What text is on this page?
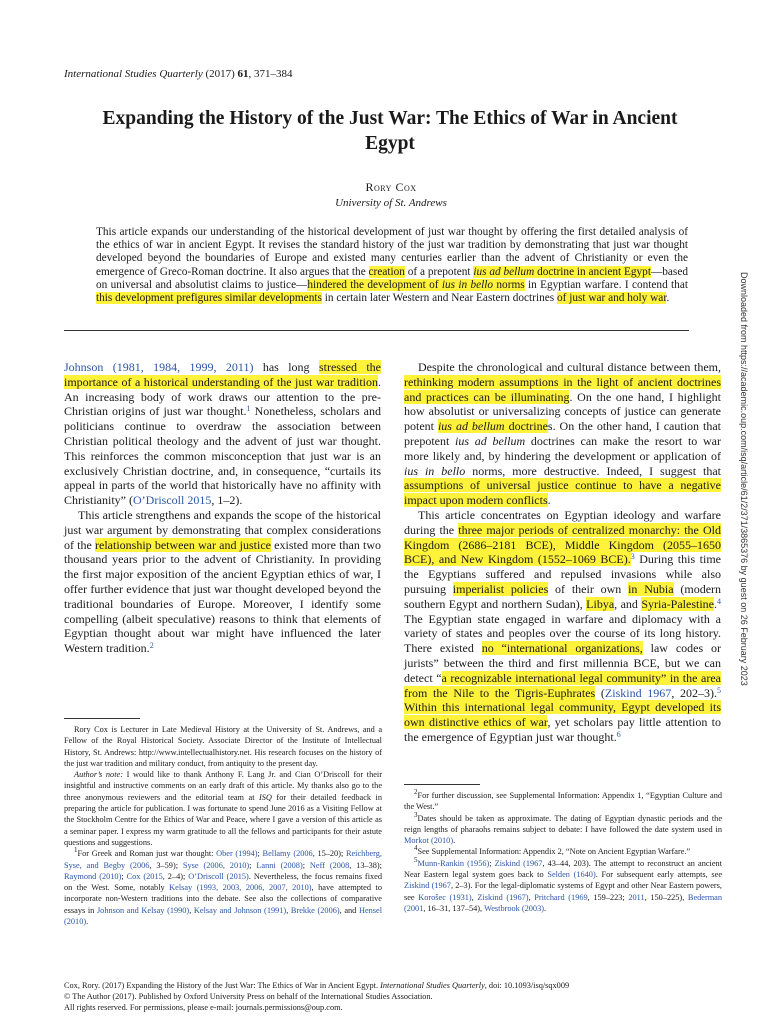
International Studies Quarterly (2017) 61, 371–384
Expanding the History of the Just War: The Ethics of War in Ancient Egypt
Rory Cox
University of St. Andrews

This article expands our understanding of the historical development of just war thought by offering the first detailed analysis of the ethics of war in ancient Egypt. It revises the standard history of the just war tradition by demonstrating that just war thought developed beyond the boundaries of Europe and existed many centuries earlier than the advent of Christianity or even the emergence of Greco-Roman doctrine. It also argues that the creation of a prepotent ius ad bellum doctrine in ancient Egypt—based on universal and absolutist claims to justice—hindered the development of ius in bello norms in Egyptian warfare. I contend that this development prefigures similar developments in certain later Western and Near Eastern doctrines of just war and holy war.

Johnson (1981, 1984, 1999, 2011) has long stressed the importance of a historical understanding of the just war tradition. An increasing body of work draws our attention to the pre-Christian origins of just war thought.$^1$ Nonetheless, scholars and politicians continue to overdraw the association between Christian political theology and the advent of just war thought. This reinforces the common misconception that just war is an exclusively Christian doctrine, and, in consequence, “curtails its appeal in parts of the world that historically have no affinity with Christianity” (O’Driscoll 2015, 1–2).

This article strengthens and expands the scope of the historical just war argument by demonstrating that complex considerations of the relationship between war and justice existed more than two thousand years prior to the advent of Christianity. In providing the first major exposition of the ancient Egyptian ethics of war, I offer further evidence that just war thought developed beyond the traditional boundaries of Europe. Moreover, I identify some compelling (albeit speculative) reasons to think that elements of Egyptian thought about war might have influenced the later Western tradition.$^2$

Despite the chronological and cultural distance between them, rethinking modern assumptions in the light of ancient doctrines and practices can be illuminating. On the one hand, I highlight how absolutist or universalizing concepts of justice can generate potent ius ad bellum doctrines. On the other hand, I caution that prepotent ius ad bellum doctrines can make the resort to war more likely and, by hindering the development or application of ius in bello norms, more destructive. Indeed, I suggest that assumptions of universal justice continue to have a negative impact upon modern conflicts.

This article concentrates on Egyptian ideology and warfare during the three major periods of centralized monarchy: the Old Kingdom (2686–2181 BCE), Middle Kingdom (2055–1650 BCE), and New Kingdom (1552–1069 BCE).$^3$ During this time the Egyptians suffered and repulsed invasions while also pursuing imperialist policies of their own in Nubia (modern southern Egypt and northern Sudan), Libya, and Syria-Palestine.$^4$ The Egyptian state engaged in warfare and diplomacy with a variety of states and peoples over the course of its long history. There existed no “international organizations, law codes or jurists” between the third and first millennia BCE, but we can detect “a recognizable international legal community” in the area from the Nile to the Tigris-Euphrates (Ziskind 1967, 202–3).$^5$ Within this international legal community, Egypt developed its own distinctive ethics of war, yet scholars pay little attention to the emergence of Egyptian just war thought.$^6$

Rory Cox is Lecturer in Late Medieval History at the University of St. Andrews, and a Fellow of the Royal Historical Society. Associate Director of the Institute of Intellectual History, St. Andrews: http://www.intellectualhistory.net. His research focuses on the history of the just war tradition and military conduct, from antiquity to the present day.

Author’s note: I would like to thank Anthony F. Lang Jr. and Cian O’Driscoll for their insightful and instructive comments on an early draft of this article. My thanks also go to the three anonymous reviewers and the editorial team at ISQ for their detailed feedback in preparing the article for publication. I was fortunate to spend June 2016 as a Visiting Fellow at the Stockholm Centre for the Ethics of War and Peace, where I gave a version of this article as a seminar paper. I express my warm gratitude to all the fellows and participants for their astute questions and suggestions.

$^1$For Greek and Roman just war thought: Ober (1994); Bellamy (2006, 15–20); Reichberg, Syse, and Begby (2006, 3–59); Syse (2006, 2010); Lanni (2008); Neff (2008, 13–38); Raymond (2010); Cox (2015, 2–4); O’Driscoll (2015). Nevertheless, the focus remains fixed on the West. Some, notably Kelsay (1993, 2003, 2006, 2007, 2010), have attempted to incorporate non-Western traditions into the debate. See also the collections of comparative essays in Johnson and Kelsay (1990), Kelsay and Johnson (1991), Brekke (2006), and Hensel (2010).

$^2$For further discussion, see Supplemental Information: Appendix 1, “Egyptian Culture and the West.”

$^3$Dates should be taken as approximate. The dating of Egyptian dynastic periods and the reign lengths of pharaohs remains subject to debate: I have followed the date system used in Morkot (2010).

$^4$See Supplemental Information: Appendix 2, “Note on Ancient Egyptian Warfare.”

$^5$Munn-Rankin (1956); Ziskind (1967, 43–44, 203). The attempt to reconstruct an ancient Near Eastern legal system goes back to Selden (1640). For subsequent early attempts, see Ziskind (1967, 2–3). For the legal-diplomatic systems of Egypt and other Near Eastern powers, see Korošec (1931), Ziskind (1967), Pritchard (1969, 159–223; 2011, 150–225), Bederman (2001, 16–31, 137–54), Westbrook (2003).

Cox, Rory. (2017) Expanding the History of the Just War: The Ethics of War in Ancient Egypt. International Studies Quarterly, doi: 10.1093/isq/sqx009
© The Author (2017). Published by Oxford University Press on behalf of the International Studies Association.
All rights reserved. For permissions, please e-mail: journals.permissions@oup.com.
Downloaded from https://academic.oup.com/isq/article/61/2/371/3865376 by guest on 26 February 2023
